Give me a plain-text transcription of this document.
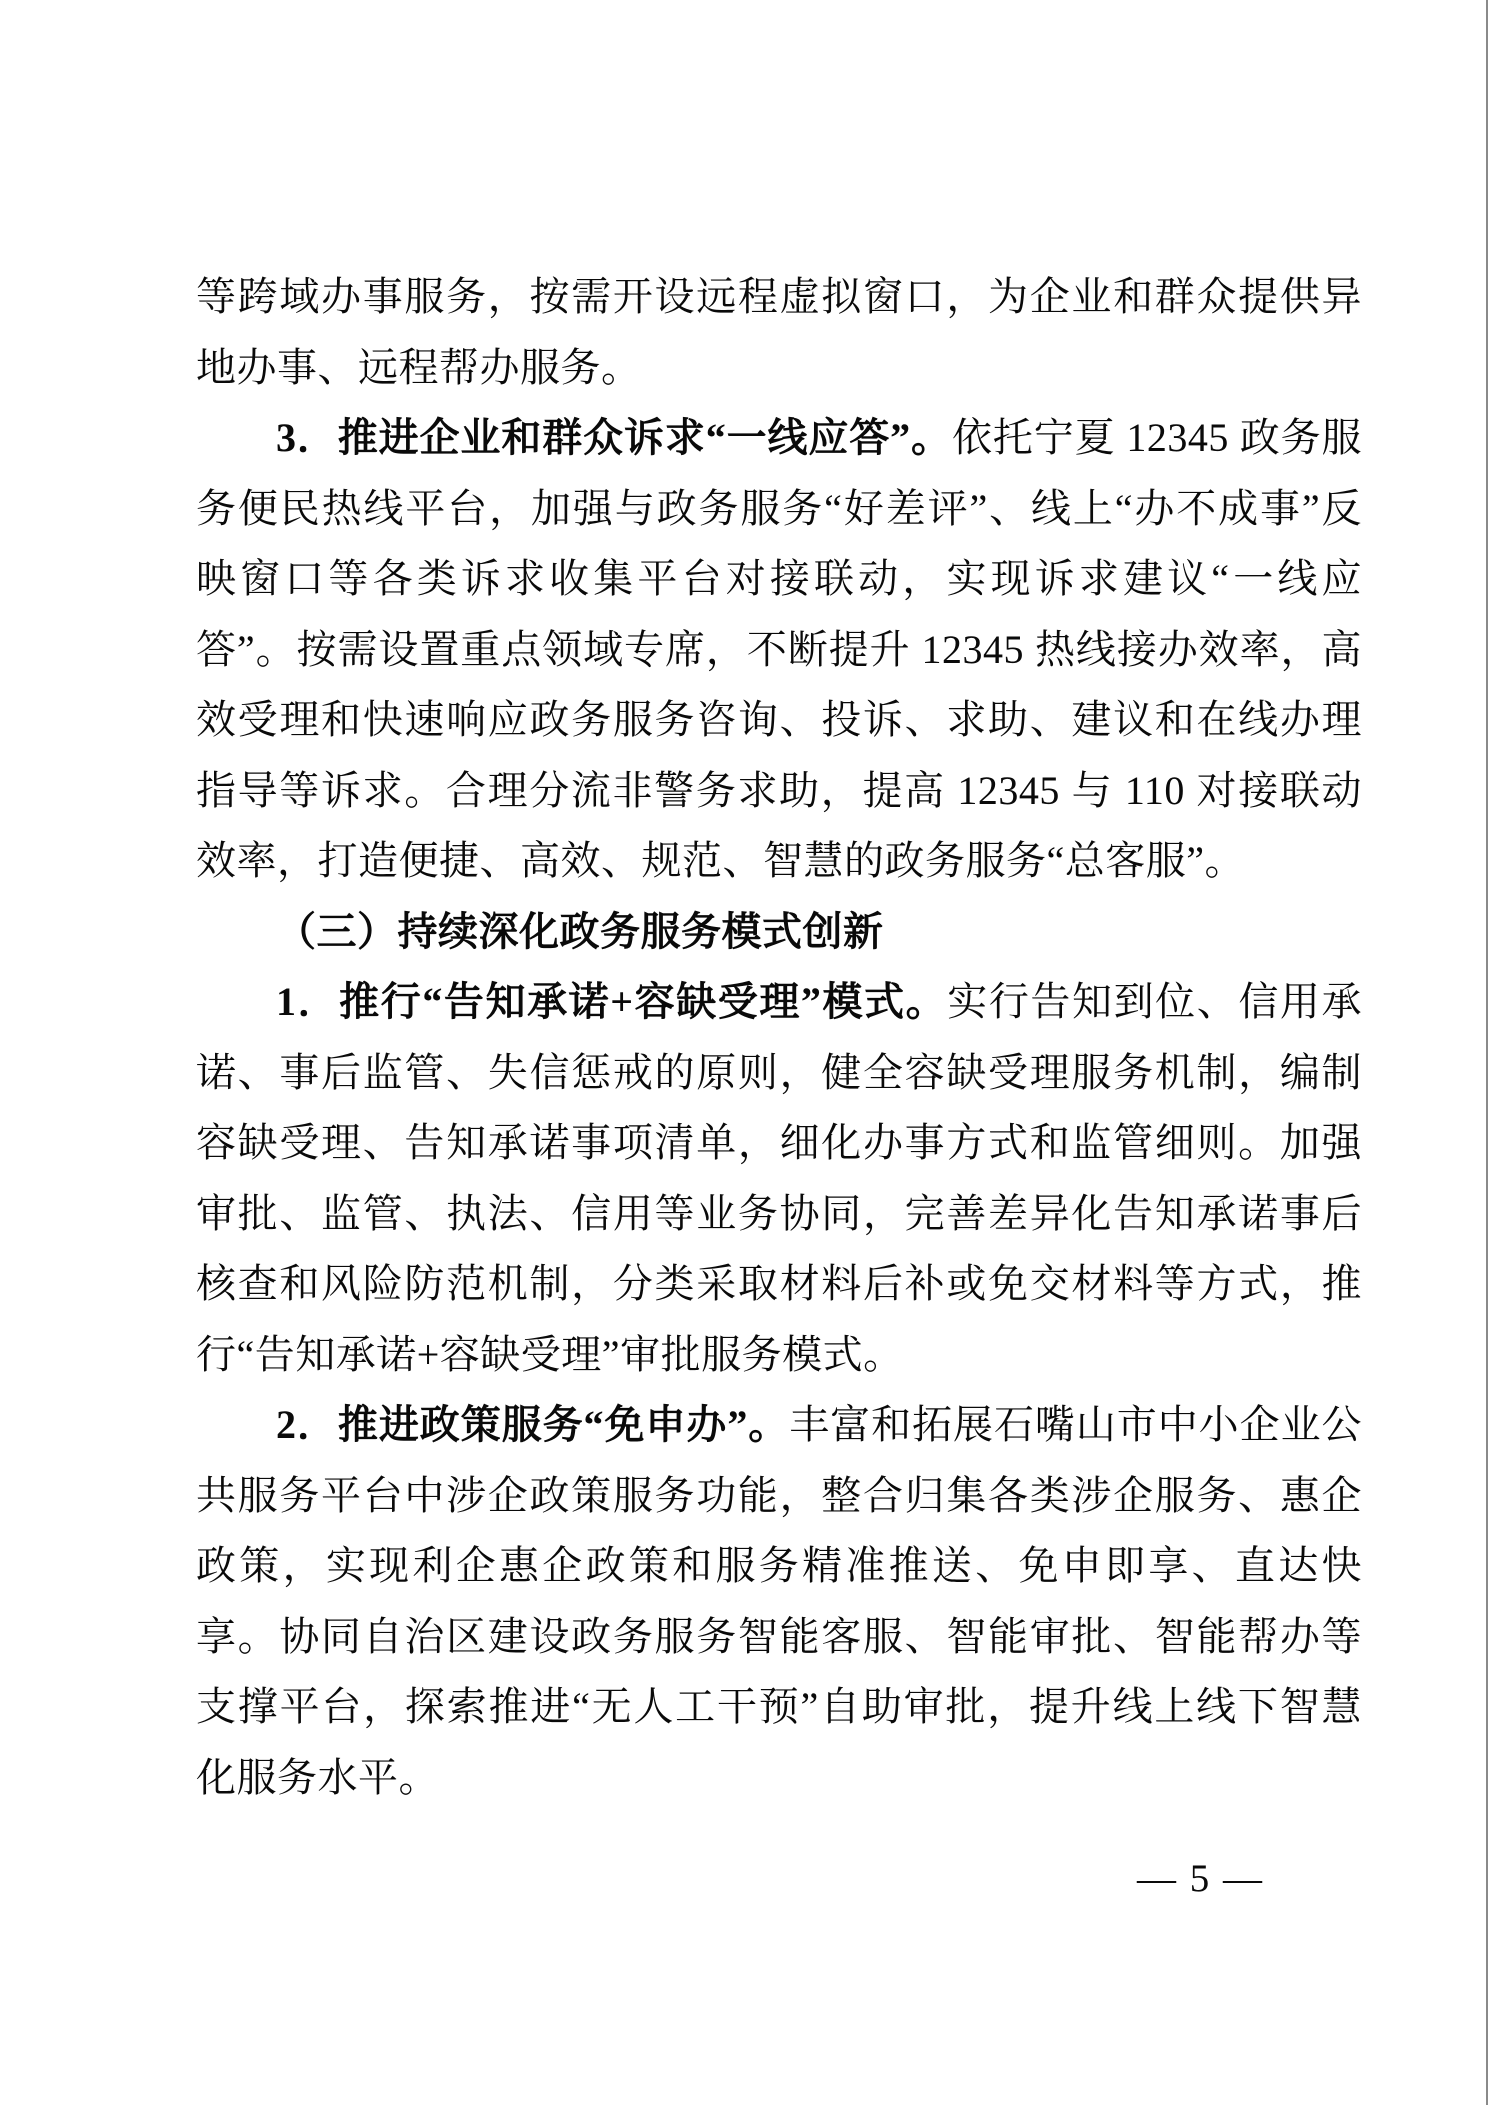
等跨域办事服务，按需开设远程虚拟窗口，为企业和群众提供异地办事、远程帮办服务。

3．推进企业和群众诉求“一线应答”。依托宁夏 12345 政务服务便民热线平台，加强与政务服务“好差评”、线上“办不成事”反映窗口等各类诉求收集平台对接联动，实现诉求建议“一线应答”。按需设置重点领域专席，不断提升 12345 热线接办效率，高效受理和快速响应政务服务咨询、投诉、求助、建议和在线办理指导等诉求。合理分流非警务求助，提高 12345 与 110 对接联动效率，打造便捷、高效、规范、智慧的政务服务“总客服”。

（三）持续深化政务服务模式创新

1．推行“告知承诺+容缺受理”模式。实行告知到位、信用承诺、事后监管、失信惩戒的原则，健全容缺受理服务机制，编制容缺受理、告知承诺事项清单，细化办事方式和监管细则。加强审批、监管、执法、信用等业务协同，完善差异化告知承诺事后核查和风险防范机制，分类采取材料后补或免交材料等方式，推行“告知承诺+容缺受理”审批服务模式。

2．推进政策服务“免申办”。丰富和拓展石嘴山市中小企业公共服务平台中涉企政策服务功能，整合归集各类涉企服务、惠企政策，实现利企惠企政策和服务精准推送、免申即享、直达快享。协同自治区建设政务服务智能客服、智能审批、智能帮办等支撑平台，探索推进“无人工干预”自助审批，提升线上线下智慧化服务水平。

— 5 —
